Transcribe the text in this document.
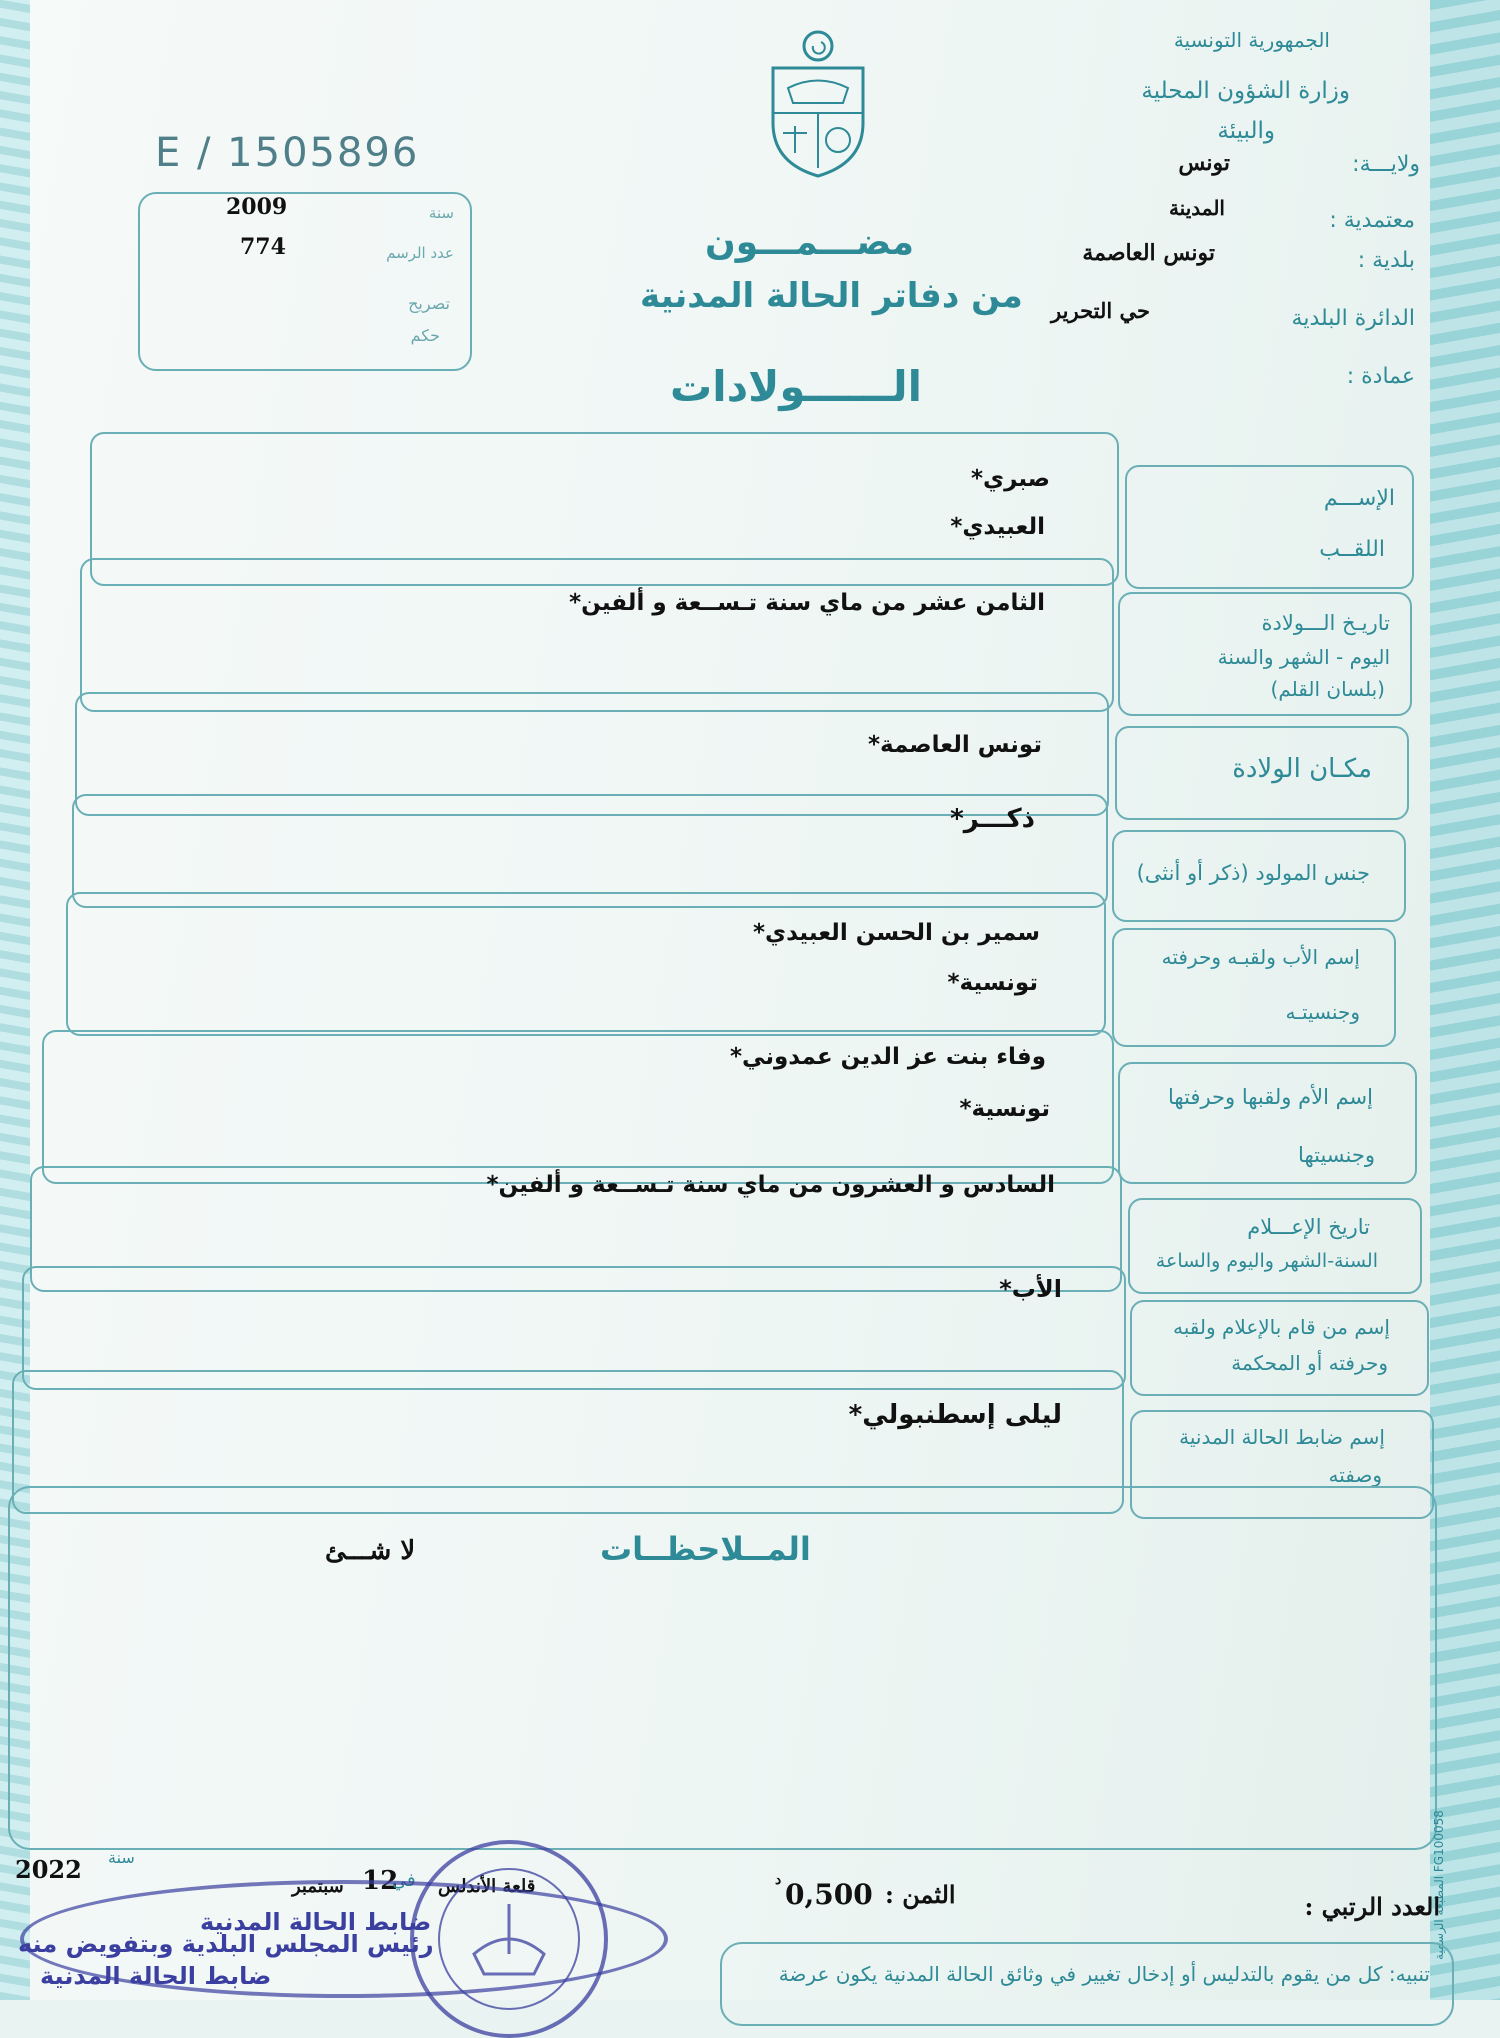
الجمهورية التونسية
وزارة الشؤون المحلية
والبيئة
ولايـــة:
تونس
المدينة	معتمدية :
بلدية :
تونس العاصمة
الدائرة البلدية
حي التحرير
عمادة :
E / 1505896
2009	سنة
774	عدد الرسم
تصريح
حكم
مضـــمـــون
من دفاتر الحالة المدنية
الــــــولادات
الإســـم
اللقــب
صبري*
العبيدي*
تاريـخ الـــولادة
اليوم - الشهر والسنة
(بلسان القلم)
الثامن عشر من ماي سنة تـســعة و ألفين*
مكـان الولادة
تونس العاصمة*
جنس المولود (ذكر أو أنثى)
ذكـــر*
إسم الأب ولقبـه وحرفته
وجنسيتـه
سمير بن الحسن العبيدي*
تونسية*
إسم الأم ولقبها وحرفتها
وجنسيتها
وفاء بنت عز الدين عمدوني*
تونسية*
تاريخ الإعـــلام
السنة-الشهر واليوم والساعة
السادس و العشرون من ماي سنة تـســعة و ألفين*
إسم من قام بالإعلام ولقبه
وحرفته أو المحكمة
الأب*
إسم ضابط الحالة المدنية
وصفته
ليلى إسطنبولي*
المــلاحظــات
لا شـــئ
المطبعة الرسمية FG100058
العدد الرتبي :
الثمن :
0,500
د
2022 سنة
سبتمبر 12
في قلعة الأندلس
ضابط الحالة المدنية
رئيس المجلس البلدية وبتفويض منه
ضابط الحالة المدنية	تنبيه: كل من يقوم بالتدليس أو إدخال تغيير في وثائق الحالة المدنية يكون عرضة
